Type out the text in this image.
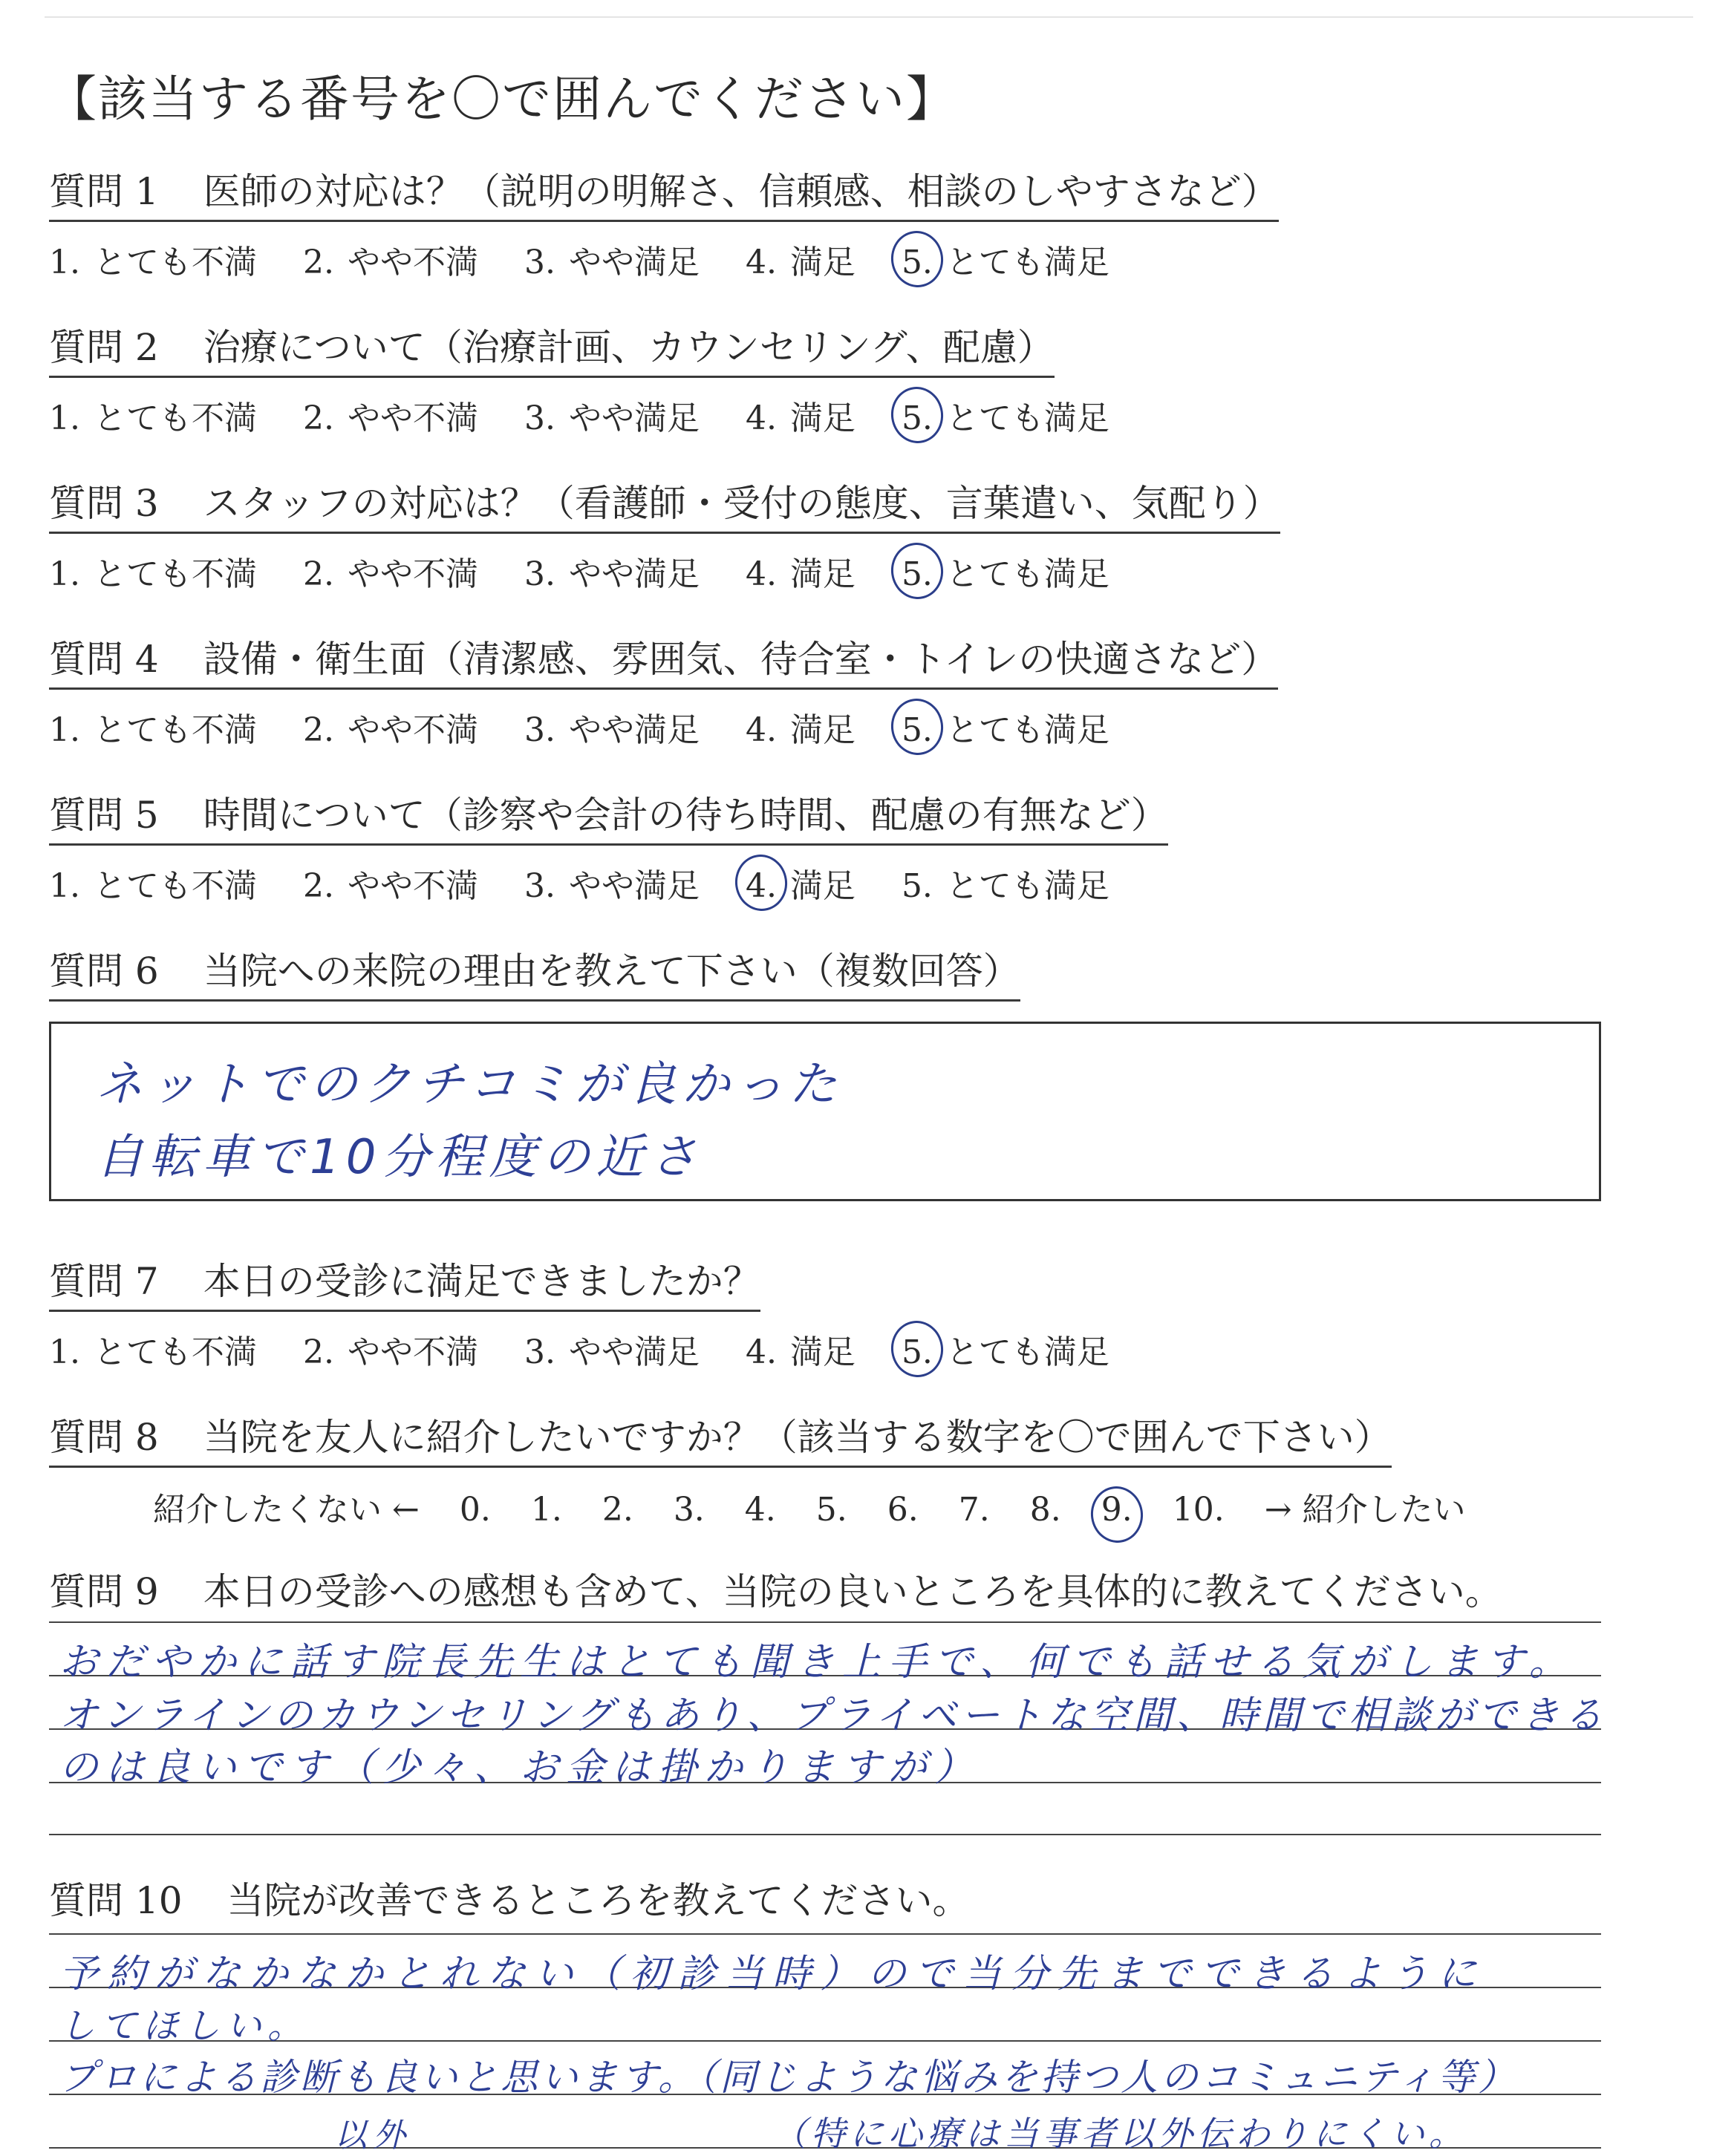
【該当する番号を〇で囲んでください】
質問 1 医師の対応は？（説明の明解さ、信頼感、相談のしやすさなど）
1. とても不満 2. やや不満 3. やや満足 4. 満足 5. とても満足
質問 2 治療について（治療計画、カウンセリング、配慮）
1. とても不満 2. やや不満 3. やや満足 4. 満足 5. とても満足
質問 3 スタッフの対応は？（看護師・受付の態度、言葉遣い、気配り）
1. とても不満 2. やや不満 3. やや満足 4. 満足 5. とても満足
質問 4 設備・衛生面（清潔感、雰囲気、待合室・トイレの快適さなど）
1. とても不満 2. やや不満 3. やや満足 4. 満足 5. とても満足
質問 5 時間について（診察や会計の待ち時間、配慮の有無など）
1. とても不満 2. やや不満 3. やや満足 4. 満足 5. とても満足
質問 6 当院への来院の理由を教えて下さい（複数回答）
ネットでのクチコミが良かった
自転車で10分程度の近さ
質問 7 本日の受診に満足できましたか？
1. とても不満 2. やや不満 3. やや満足 4. 満足 5. とても満足
質問 8 当院を友人に紹介したいですか？（該当する数字を〇で囲んで下さい）
紹介したくない ← 0. 1. 2. 3. 4. 5. 6. 7. 8. 9. 10. → 紹介したい
質問 9 本日の受診への感想も含めて、当院の良いところを具体的に教えてください。
おだやかに話す院長先生はとても聞き上手で、何でも話せる気がします。
オンラインのカウンセリングもあり、プライベートな空間、時間で相談ができる
のは良いです（少々、お金は掛かりますが）
質問 10 当院が改善できるところを教えてください。
予約がなかなかとれない（初診当時）ので当分先までできるように
してほしい。
プロによる診断も良いと思います。（同じような悩みを持つ人のコミュニティ等）
以外	（特に心療は当事者以外伝わりにくい。
